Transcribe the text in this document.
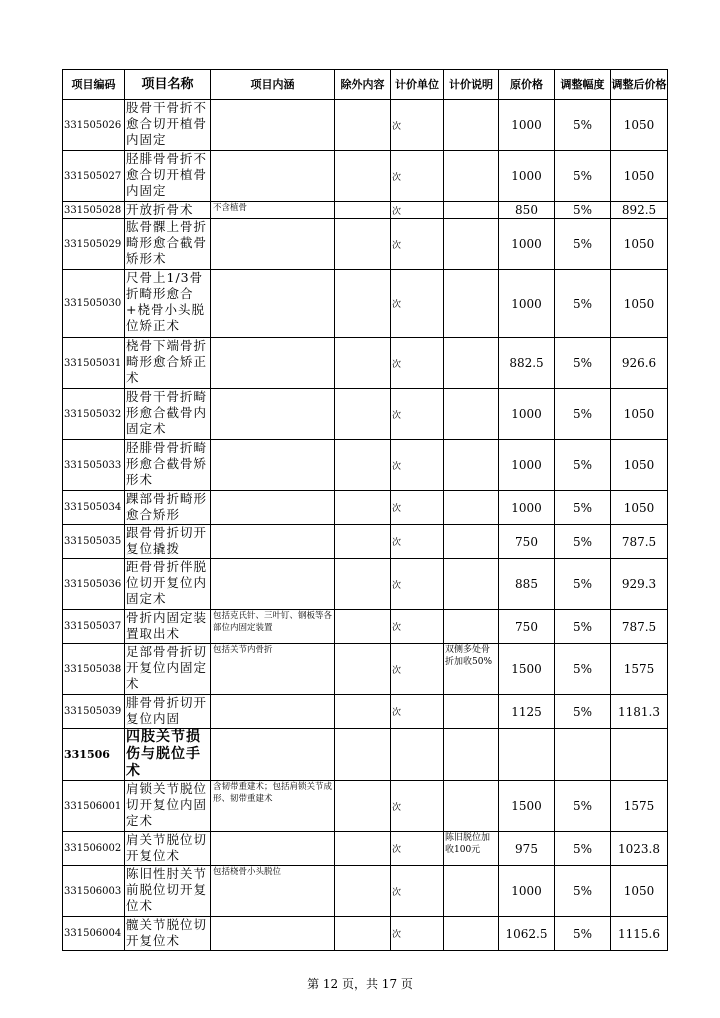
项目编码	项目名称	项目内涵	除外内容	计价单位	计价说明	原价格	调整幅度	调整后价格
331505026	股骨干骨折不愈合切开植骨内固定			次		1000	5%	1050
331505027	胫腓骨骨折不愈合切开植骨内固定			次		1000	5%	1050
331505028	开放折骨术	不含植骨		次		850	5%	892.5
331505029	肱骨髁上骨折畸形愈合截骨矫形术			次		1000	5%	1050
331505030	尺骨上1/3骨折畸形愈合+桡骨小头脱位矫正术			次		1000	5%	1050
331505031	桡骨下端骨折畸形愈合矫正术			次		882.5	5%	926.6
331505032	股骨干骨折畸形愈合截骨内固定术			次		1000	5%	1050
331505033	胫腓骨骨折畸形愈合截骨矫形术			次		1000	5%	1050
331505034	踝部骨折畸形愈合矫形			次		1000	5%	1050
331505035	跟骨骨折切开复位撬拨			次		750	5%	787.5
331505036	距骨骨折伴脱位切开复位内固定术			次		885	5%	929.3
331505037	骨折内固定装置取出术	包括克氏针、三叶钉、钢板等各部位内固定装置		次		750	5%	787.5
331505038	足部骨骨折切开复位内固定术	包括关节内骨折		次	双侧多处骨折加收50%	1500	5%	1575
331505039	腓骨骨折切开复位内固			次		1125	5%	1181.3
331506	四肢关节损伤与脱位手术							
331506001	肩锁关节脱位切开复位内固定术	含韧带重建术；包括肩锁关节成形、韧带重建术		次		1500	5%	1575
331506002	肩关节脱位切开复位术			次	陈旧脱位加收100元	975	5%	1023.8
331506003	陈旧性肘关节前脱位切开复位术	包括桡骨小头脱位		次		1000	5%	1050
331506004	髋关节脱位切开复位术			次		1062.5	5%	1115.6
第 12 页，共 17 页
